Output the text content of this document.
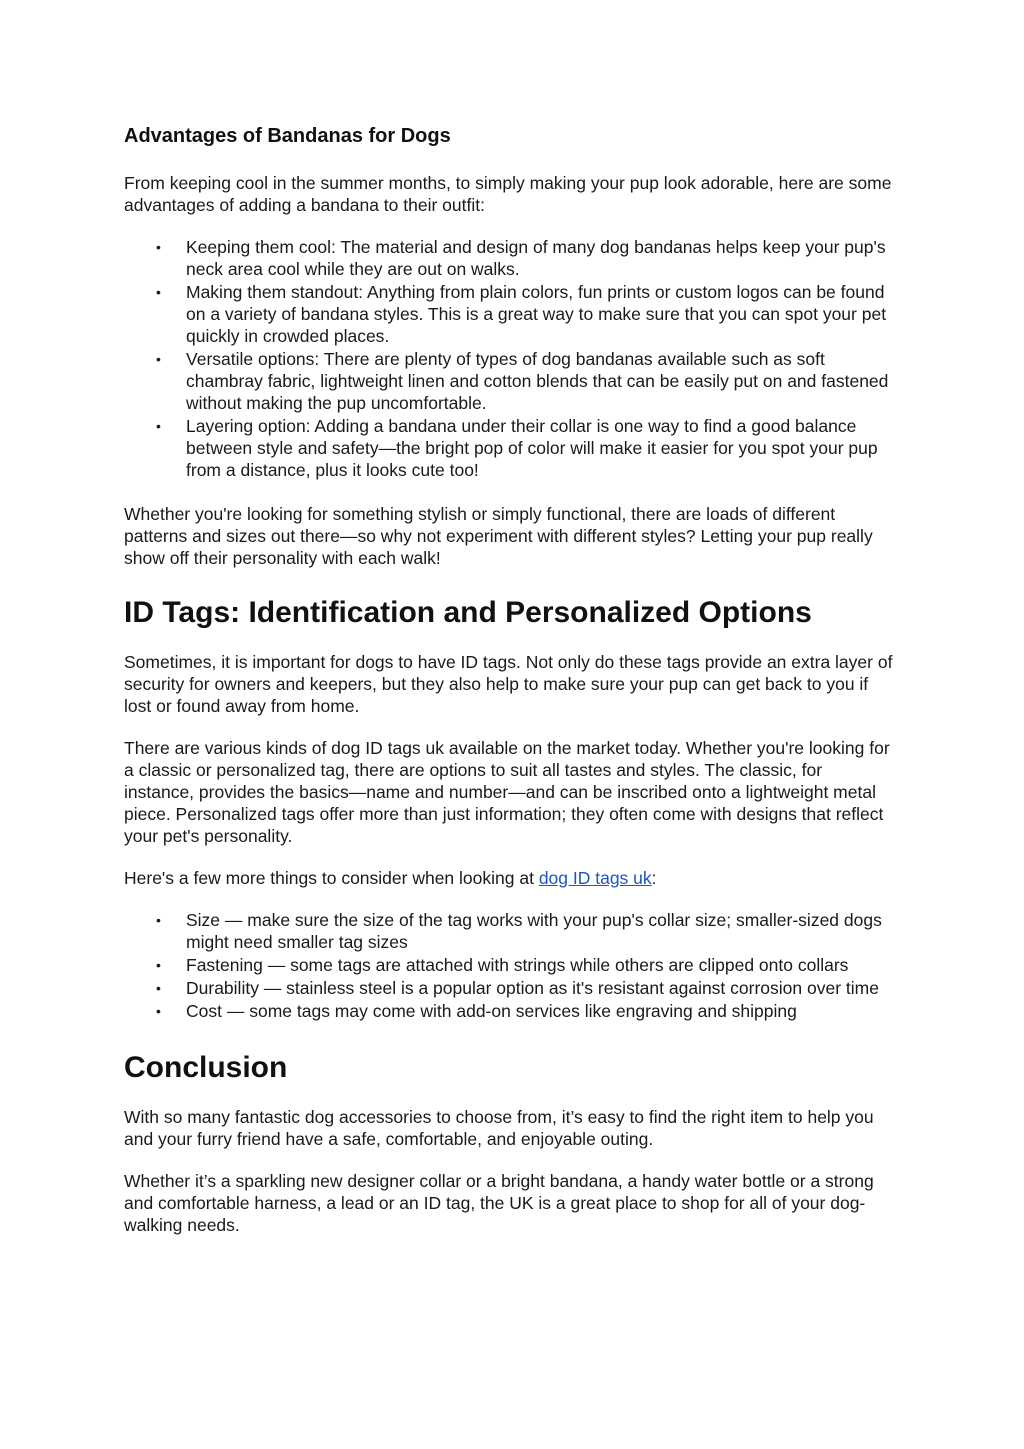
Advantages of Bandanas for Dogs

From keeping cool in the summer months, to simply making your pup look adorable, here are some advantages of adding a bandana to their outfit:

• Keeping them cool: The material and design of many dog bandanas helps keep your pup's neck area cool while they are out on walks.
• Making them standout: Anything from plain colors, fun prints or custom logos can be found on a variety of bandana styles. This is a great way to make sure that you can spot your pet quickly in crowded places.
• Versatile options: There are plenty of types of dog bandanas available such as soft chambray fabric, lightweight linen and cotton blends that can be easily put on and fastened without making the pup uncomfortable.
• Layering option: Adding a bandana under their collar is one way to find a good balance between style and safety—the bright pop of color will make it easier for you spot your pup from a distance, plus it looks cute too!

Whether you're looking for something stylish or simply functional, there are loads of different patterns and sizes out there—so why not experiment with different styles? Letting your pup really show off their personality with each walk!

ID Tags: Identification and Personalized Options

Sometimes, it is important for dogs to have ID tags. Not only do these tags provide an extra layer of security for owners and keepers, but they also help to make sure your pup can get back to you if lost or found away from home.

There are various kinds of dog ID tags uk available on the market today. Whether you're looking for a classic or personalized tag, there are options to suit all tastes and styles. The classic, for instance, provides the basics—name and number—and can be inscribed onto a lightweight metal piece. Personalized tags offer more than just information; they often come with designs that reflect your pet's personality.

Here's a few more things to consider when looking at dog ID tags uk:

• Size — make sure the size of the tag works with your pup's collar size; smaller-sized dogs might need smaller tag sizes
• Fastening — some tags are attached with strings while others are clipped onto collars
• Durability — stainless steel is a popular option as it's resistant against corrosion over time
• Cost — some tags may come with add-on services like engraving and shipping
Conclusion

With so many fantastic dog accessories to choose from, it’s easy to find the right item to help you and your furry friend have a safe, comfortable, and enjoyable outing.

Whether it’s a sparkling new designer collar or a bright bandana, a handy water bottle or a strong and comfortable harness, a lead or an ID tag, the UK is a great place to shop for all of your dog-walking needs.
